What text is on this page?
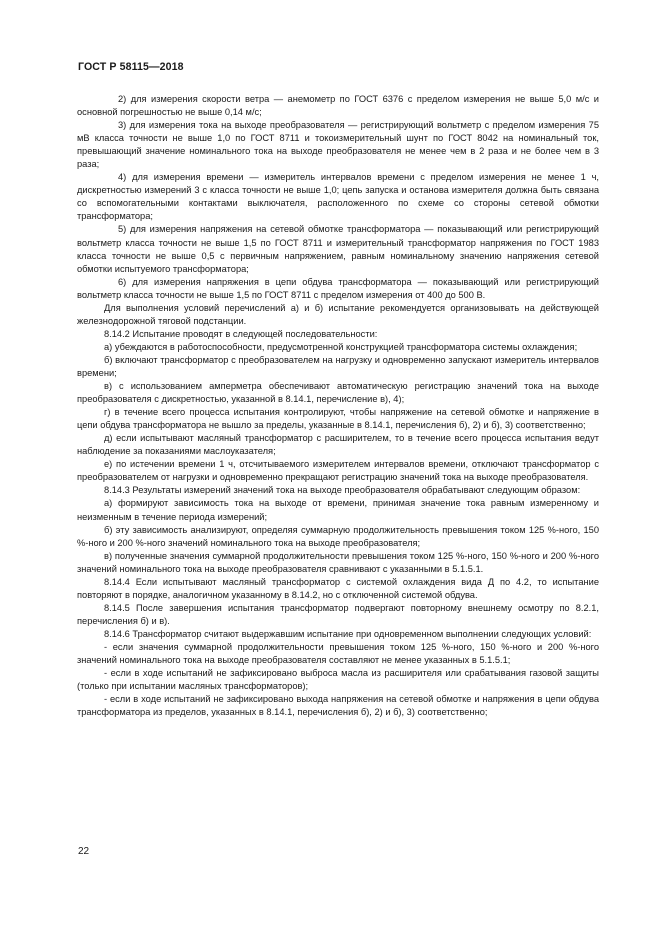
ГОСТ Р 58115—2018

2) для измерения скорости ветра — анемометр по ГОСТ 6376 с пределом измерения не выше 5,0 м/с и основной погрешностью не выше 0,14 м/с;

3) для измерения тока на выходе преобразователя — регистрирующий вольтметр с пределом измерения 75 мВ класса точности не выше 1,0 по ГОСТ 8711 и токоизмерительный шунт по ГОСТ 8042 на номинальный ток, превышающий значение номинального тока на выходе преобразователя не менее чем в 2 раза и не более чем в 3 раза;

4) для измерения времени — измеритель интервалов времени с пределом измерения не менее 1 ч, дискретностью измерений 3 с класса точности не выше 1,0; цепь запуска и останова измерителя должна быть связана со вспомогательными контактами выключателя, расположенного по схеме со стороны сетевой обмотки трансформатора;

5) для измерения напряжения на сетевой обмотке трансформатора — показывающий или регистрирующий вольтметр класса точности не выше 1,5 по ГОСТ 8711 и измерительный трансформатор напряжения по ГОСТ 1983 класса точности не выше 0,5 с первичным напряжением, равным номинальному значению напряжения сетевой обмотки испытуемого трансформатора;

6) для измерения напряжения в цепи обдува трансформатора — показывающий или регистрирующий вольтметр класса точности не выше 1,5 по ГОСТ 8711 с пределом измерения от 400 до 500 В.

Для выполнения условий перечислений а) и б) испытание рекомендуется организовывать на действующей железнодорожной тяговой подстанции.

8.14.2 Испытание проводят в следующей последовательности:

а) убеждаются в работоспособности, предусмотренной конструкцией трансформатора системы охлаждения;

б) включают трансформатор с преобразователем на нагрузку и одновременно запускают измеритель интервалов времени;

в) с использованием амперметра обеспечивают автоматическую регистрацию значений тока на выходе преобразователя с дискретностью, указанной в 8.14.1, перечисление в), 4);

г) в течение всего процесса испытания контролируют, чтобы напряжение на сетевой обмотке и напряжение в цепи обдува трансформатора не вышло за пределы, указанные в 8.14.1, перечисления б), 2) и б), 3) соответственно;

д) если испытывают масляный трансформатор с расширителем, то в течение всего процесса испытания ведут наблюдение за показаниями маслоуказателя;

е) по истечении времени 1 ч, отсчитываемого измерителем интервалов времени, отключают трансформатор с преобразователем от нагрузки и одновременно прекращают регистрацию значений тока на выходе преобразователя.

8.14.3 Результаты измерений значений тока на выходе преобразователя обрабатывают следующим образом:

а) формируют зависимость тока на выходе от времени, принимая значение тока равным измеренному и неизменным в течение периода измерений;

б) эту зависимость анализируют, определяя суммарную продолжительность превышения током 125 %-ного, 150 %-ного и 200 %-ного значений номинального тока на выходе преобразователя;

в) полученные значения суммарной продолжительности превышения током 125 %-ного, 150 %-ного и 200 %-ного значений номинального тока на выходе преобразователя сравнивают с указанными в 5.1.5.1.

8.14.4 Если испытывают масляный трансформатор с системой охлаждения вида Д по 4.2, то испытание повторяют в порядке, аналогичном указанному в 8.14.2, но с отключенной системой обдува.

8.14.5 После завершения испытания трансформатор подвергают повторному внешнему осмотру по 8.2.1, перечисления б) и в).

8.14.6 Трансформатор считают выдержавшим испытание при одновременном выполнении следующих условий:

- если значения суммарной продолжительности превышения током 125 %-ного, 150 %-ного и 200 %-ного значений номинального тока на выходе преобразователя составляют не менее указанных в 5.1.5.1;

- если в ходе испытаний не зафиксировано выброса масла из расширителя или срабатывания газовой защиты (только при испытании масляных трансформаторов);

- если в ходе испытаний не зафиксировано выхода напряжения на сетевой обмотке и напряжения в цепи обдува трансформатора из пределов, указанных в 8.14.1, перечисления б), 2) и б), 3) соответственно;

22
